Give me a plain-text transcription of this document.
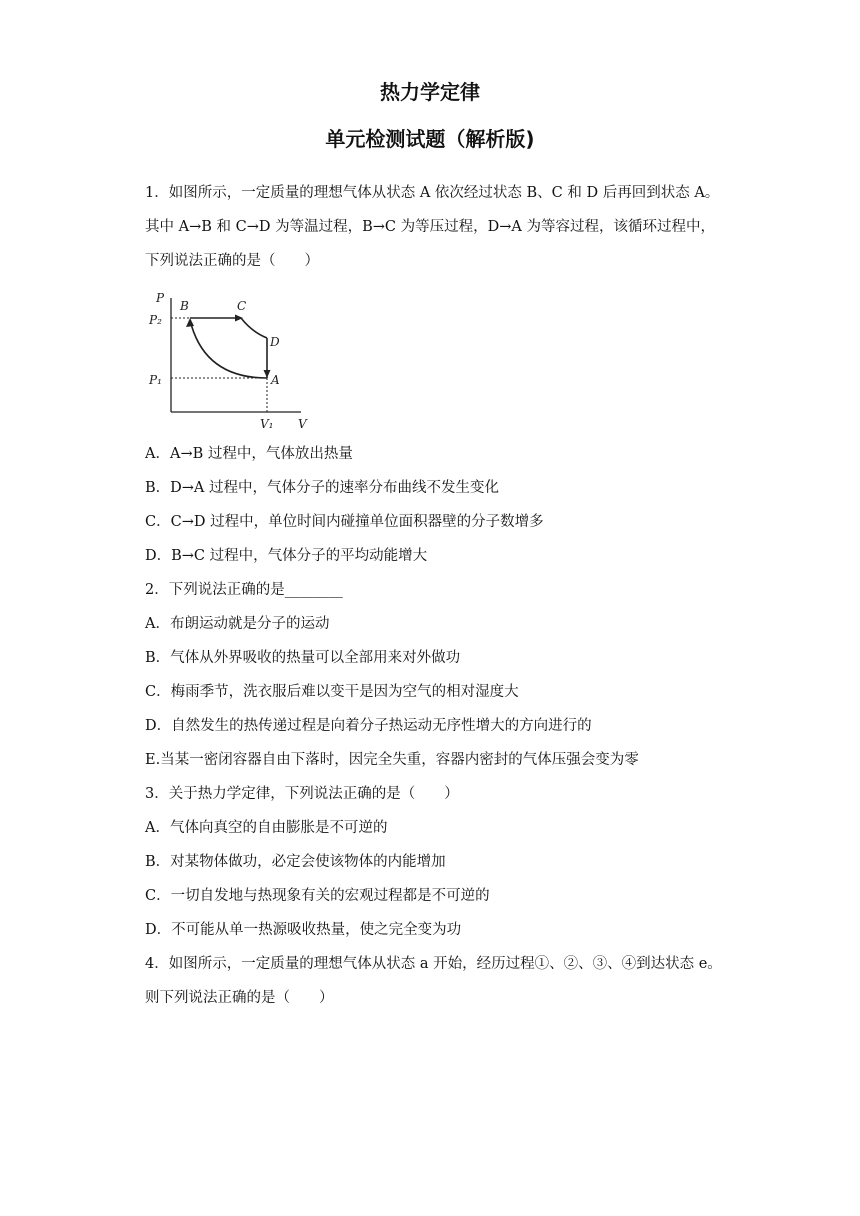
热力学定律
单元检测试题（解析版)
1．如图所示，一定质量的理想气体从状态 A 依次经过状态 B、C 和 D 后再回到状态 A。
其中 A→B 和 C→D 为等温过程，B→C 为等压过程，D→A 为等容过程，该循环过程中，
下列说法正确的是（　　）
P
V
P₂
P₁
V₁
B	C
D
A
A．A→B 过程中，气体放出热量
B．D→A 过程中，气体分子的速率分布曲线不发生变化
C．C→D 过程中，单位时间内碰撞单位面积器壁的分子数增多
D．B→C 过程中，气体分子的平均动能增大
2．下列说法正确的是________
A．布朗运动就是分子的运动
B．气体从外界吸收的热量可以全部用来对外做功
C．梅雨季节，洗衣服后难以变干是因为空气的相对湿度大
D．自然发生的热传递过程是向着分子热运动无序性增大的方向进行的
E.当某一密闭容器自由下落时，因完全失重，容器内密封的气体压强会变为零
3．关于热力学定律，下列说法正确的是（　　）
A．气体向真空的自由膨胀是不可逆的
B．对某物体做功，必定会使该物体的内能增加
C．一切自发地与热现象有关的宏观过程都是不可逆的
D．不可能从单一热源吸收热量，使之完全变为功
4．如图所示，一定质量的理想气体从状态 a 开始，经历过程①、②、③、④到达状态 e。
则下列说法正确的是（　　）
